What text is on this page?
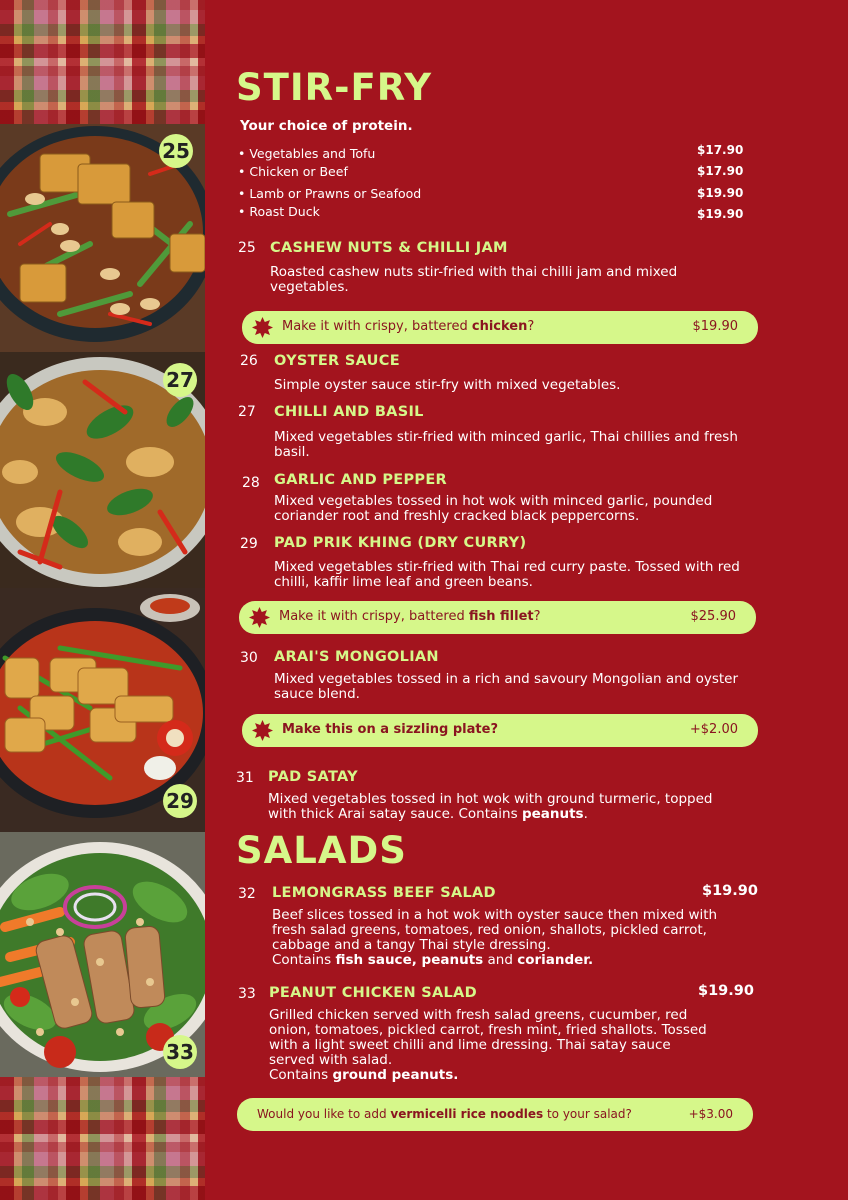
25
27
29
33
STIR-FRY
Your choice of protein.
• Vegetables and Tofu	$17.90
• Chicken or Beef	$17.90
• Lamb or Prawns or Seafood	$19.90
• Roast Duck	$19.90
25 CASHEW NUTS & CHILLI JAM
Roasted cashew nuts stir-fried with thai chilli jam and mixed vegetables.
Make it with crispy, battered chicken?	$19.90
26 OYSTER SAUCE
Simple oyster sauce stir-fry with mixed vegetables.
27 CHILLI AND BASIL
Mixed vegetables stir-fried with minced garlic, Thai chillies and fresh basil.
28 GARLIC AND PEPPER
Mixed vegetables tossed in hot wok with minced garlic, pounded coriander root and freshly cracked black peppercorns.
29 PAD PRIK KHING (DRY CURRY)
Mixed vegetables stir-fried with Thai red curry paste. Tossed with red chilli, kaffir lime leaf and green beans.
Make it with crispy, battered fish fillet?	$25.90
30 ARAI'S MONGOLIAN
Mixed vegetables tossed in a rich and savoury Mongolian and oyster sauce blend.
Make this on a sizzling plate?	+$2.00
31 PAD SATAY
Mixed vegetables tossed in hot wok with ground turmeric, topped with thick Arai satay sauce. Contains peanuts.
SALADS
32 LEMONGRASS BEEF SALAD	$19.90
Beef slices tossed in a hot wok with oyster sauce then mixed with fresh salad greens, tomatoes, red onion, shallots, pickled carrot, cabbage and a tangy Thai style dressing.
Contains fish sauce, peanuts and coriander.
33 PEANUT CHICKEN SALAD	$19.90
Grilled chicken served with fresh salad greens, cucumber, red onion, tomatoes, pickled carrot, fresh mint, fried shallots. Tossed with a light sweet chilli and lime dressing. Thai satay sauce served with salad.
Contains ground peanuts.
Would you like to add vermicelli rice noodles to your salad?	+$3.00
